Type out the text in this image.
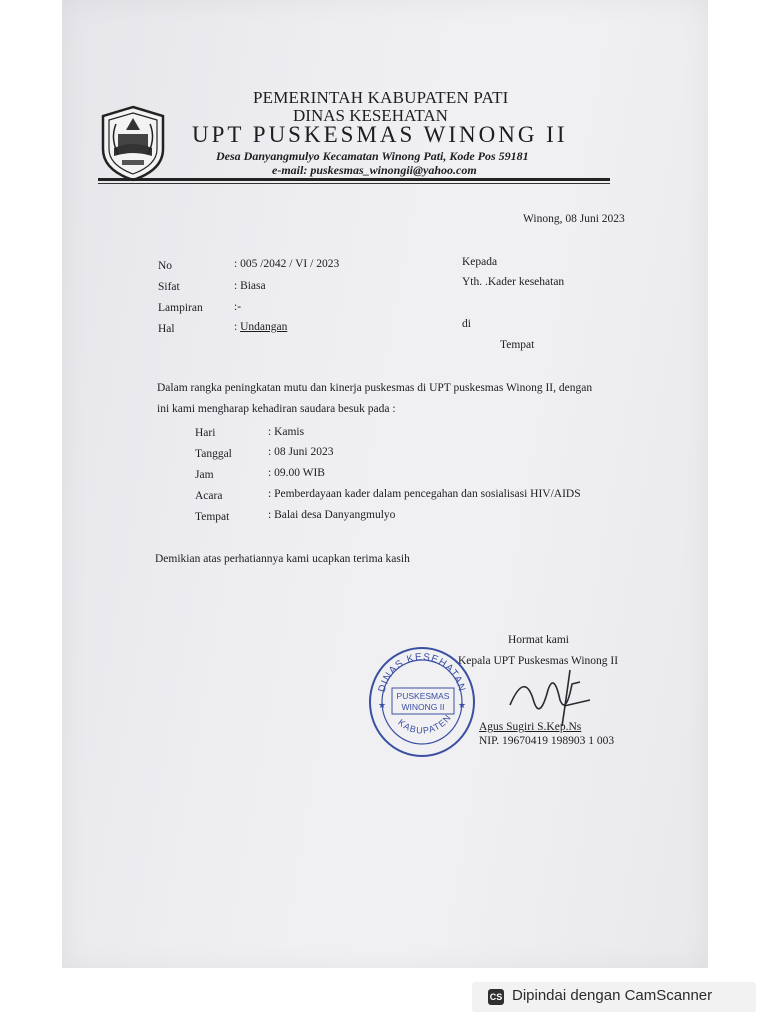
PEMERINTAH KABUPATEN PATI
DINAS KESEHATAN
UPT PUSKESMAS WINONG II
Desa Danyangmulyo Kecamatan Winong Pati, Kode Pos 59181
e-mail: puskesmas_winongii@yahoo.com
Winong, 08 Juni 2023
No	: 005 /2042 / VI / 2023
Sifat	: Biasa
Lampiran	:-
Hal	: Undangan
Kepada
Yth. .Kader kesehatan
di
Tempat
Dalam rangka peningkatan mutu dan kinerja puskesmas di UPT puskesmas Winong II, dengan
ini kami mengharap kehadiran saudara besuk pada :
Hari	: Kamis
Tanggal	: 08 Juni 2023
Jam	: 09.00 WIB
Acara	: Pemberdayaan kader dalam pencegahan dan sosialisasi HIV/AIDS
Tempat	: Balai desa Danyangmulyo
Demikian atas perhatiannya kami ucapkan terima kasih
Hormat kami
Kepala UPT Puskesmas Winong II
Agus Sugiri S.Kep.Ns
NIP. 19670419 198903 1 003
DINAS KESEHATAN
KABUPATEN
PUSKESMAS
WINONG II
★	★
CS Dipindai dengan CamScanner
